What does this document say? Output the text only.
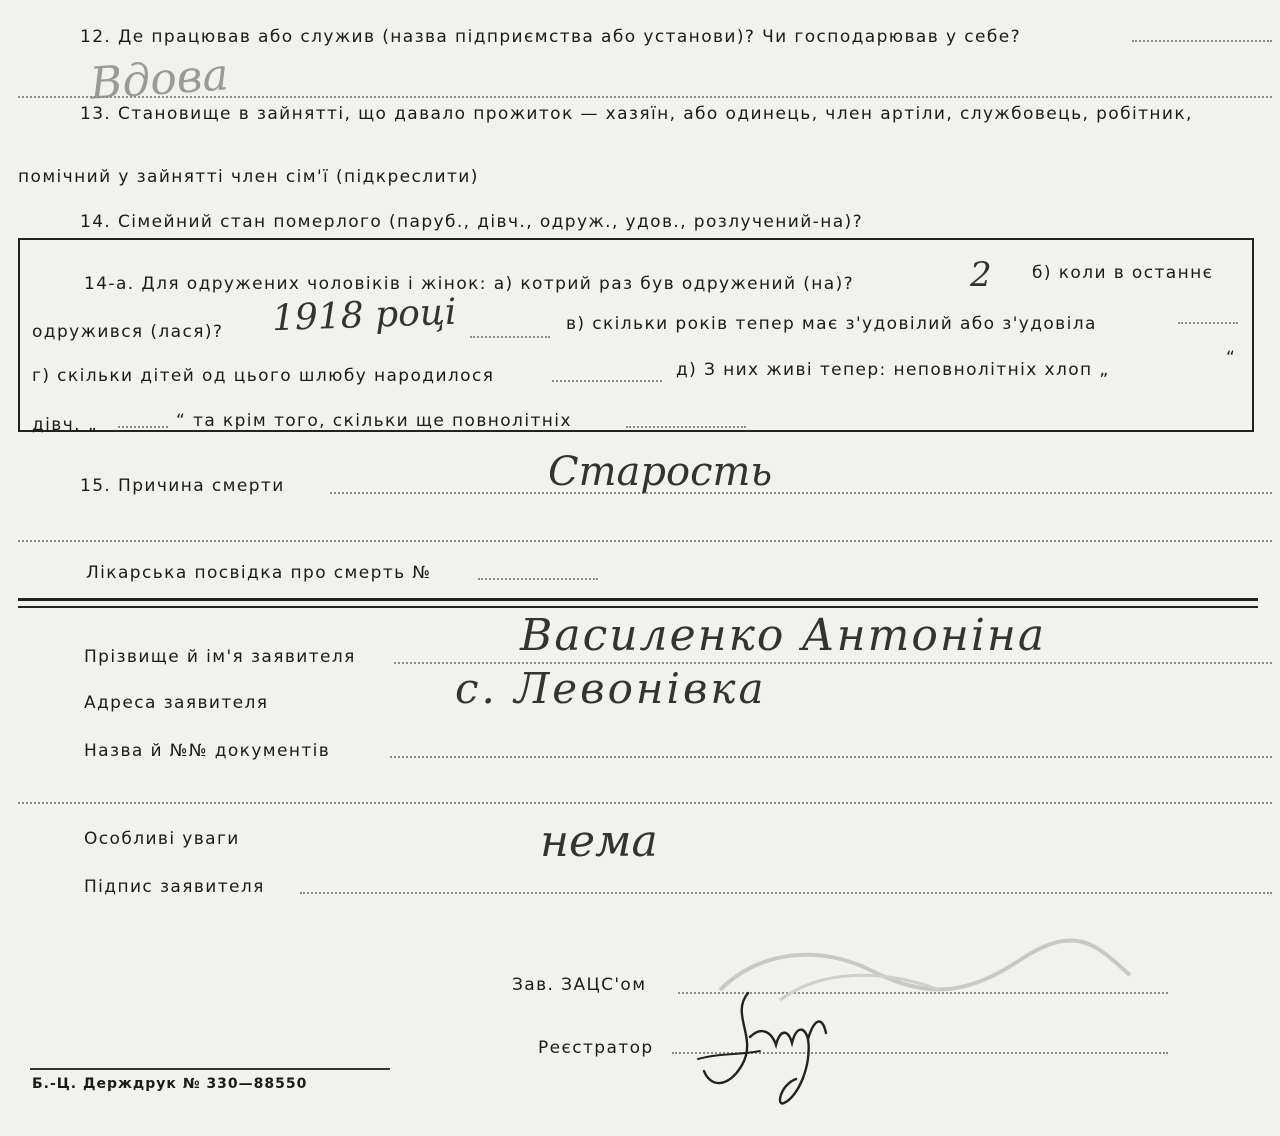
12. Де працював або служив (назва підприємства або установи)? Чи господарював у себе?
Вдова
13. Становище в зайнятті, що давало прожиток — хазяїн, або одинець, член артіли, службовець, робітник,
помічний у зайнятті член сім'ї (підкреслити)
14. Сімейний стан померлого (паруб., дівч., одруж., удов., розлучений-на)?
14-а. Для одружених чоловіків і жінок: а) котрий раз був одружений (на)?	2 б) коли в останнє
одружився (лася)? 1918 році	в) скільки років тепер має з'удовілий або з'удовіла
г) скільки дітей од цього шлюбу народилося	д) З них живі тепер: неповнолітніх хлоп „
“
дівч. „	“ та крім того, скільки ще повнолітніх
15. Причина смерти	Старость
Лікарська посвідка про смерть №
Прізвище й ім'я заявителя	Василенко Антоніна
Адреса заявителя	с. Левонівка
Назва й №№ документів
Особливі уваги	нема
Підпис заявителя
Зав. ЗАЦС'ом
Реєстратор
Б.-Ц. Держдрук № 330—88550
